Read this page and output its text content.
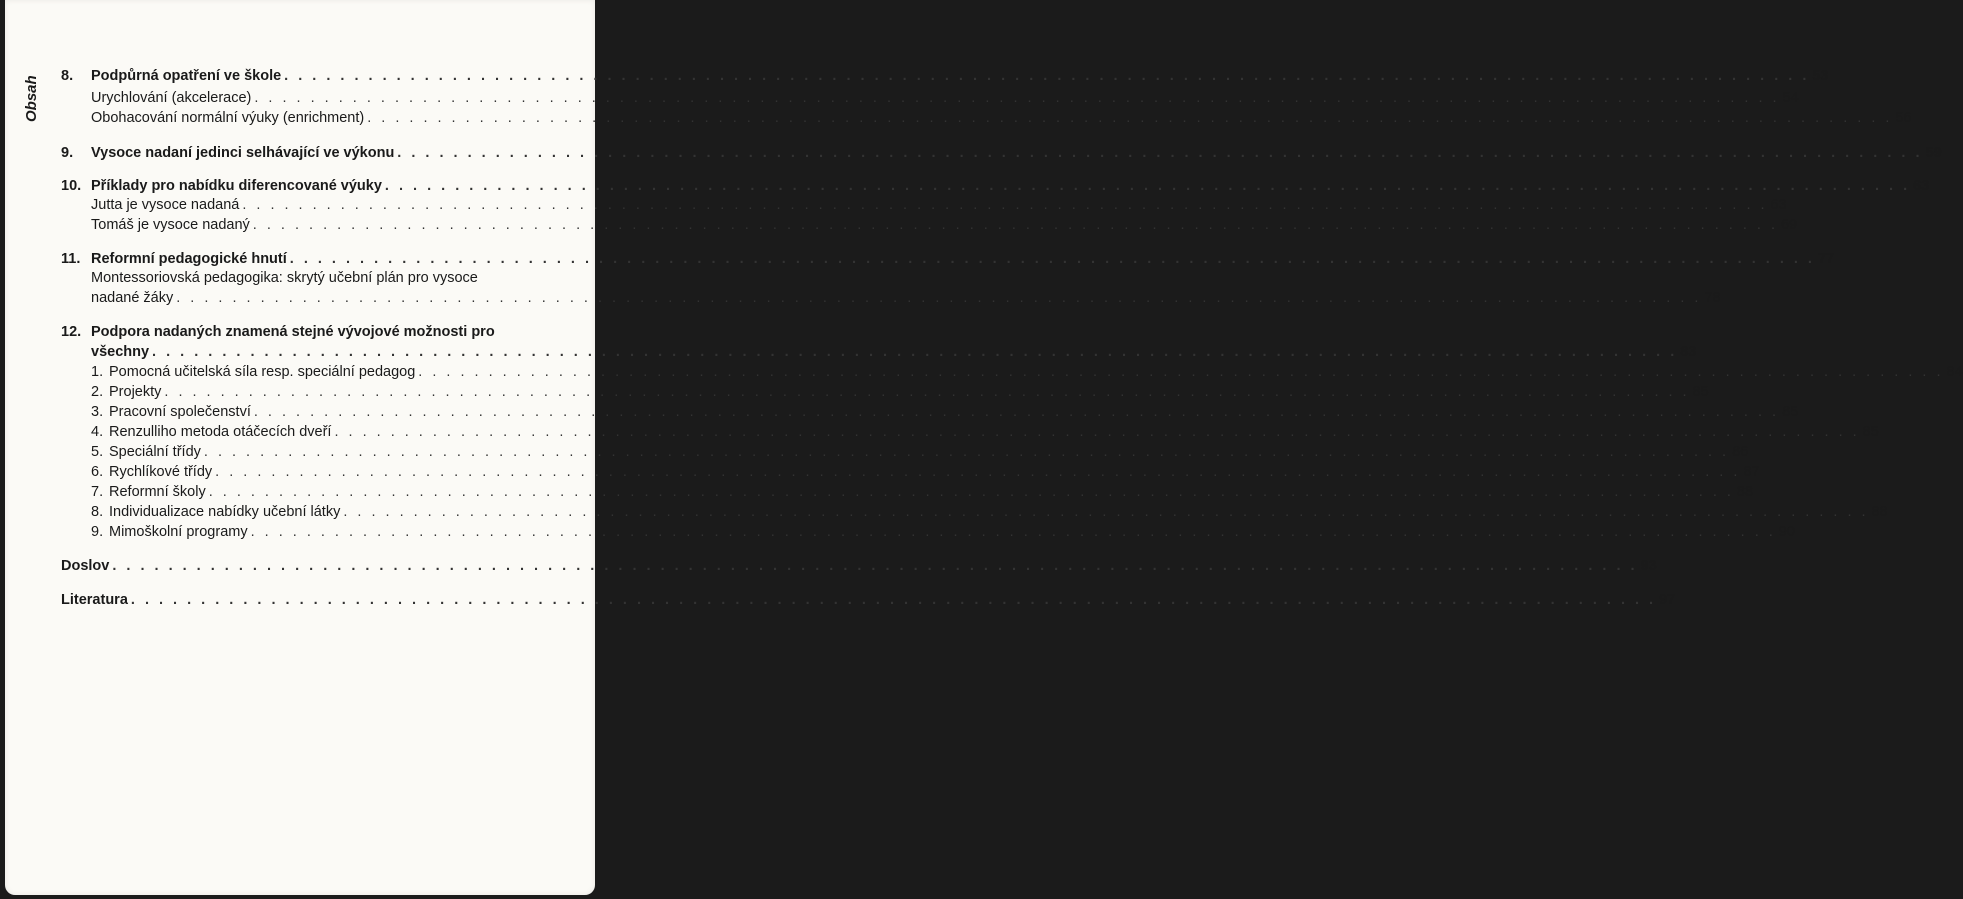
Obsah 8.	Podpůrná opatření ve škole . . .	53
Urychlování (akcelerace) . . .	54
Obohacování normální výuky (enrichment) . . .	56
9.	Vysoce nadaní jedinci selhávající ve výkonu . . .	59
10. Příklady pro nabídku diferencované výuky . . .	63
Jutta je vysoce nadaná . . .	63
Tomáš je vysoce nadaný . . .	69
11. Reformní pedagogické hnutí . . .	77
Montessoriovská pedagogika: skrytý učební plán pro vysoce
nadané žáky . . .	78
12. Podpora nadaných znamená stejné vývojové možnosti pro
všechny . . .	83
1. Pomocná učitelská síla resp. speciální pedagog . . .	84
2. Projekty . . .	85
3. Pracovní společenství . . .	85
4. Renzulliho metoda otáčecích dveří . . .	85
5. Speciální třídy . . .	86
6. Rychlíkové třídy . . .	87
7. Reformní školy . . .	88
8. Individualizace nabídky učební látky . . .	88
9. Mimoškolní programy . . .	90
Doslov . . .	93
Literatura . . .	97
